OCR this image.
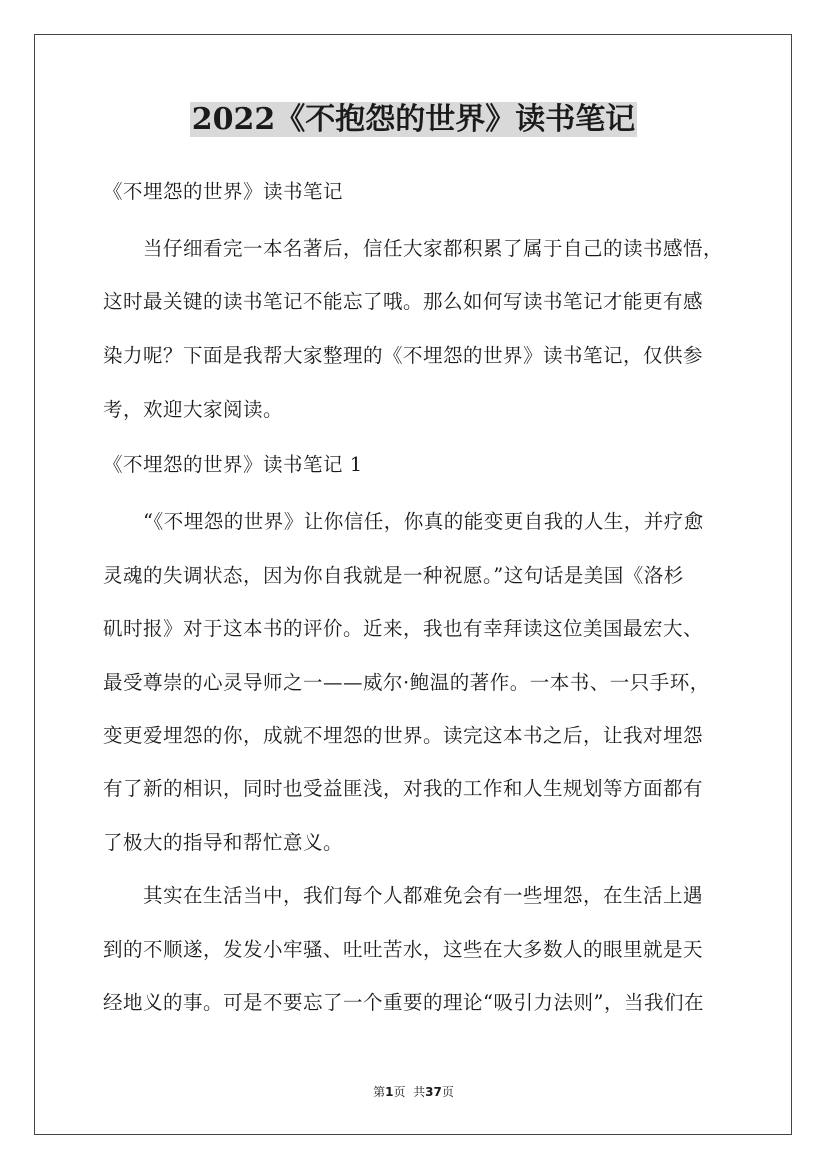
2022《不抱怨的世界》读书笔记
《不埋怨的世界》读书笔记
当仔细看完一本名著后，信任大家都积累了属于自己的读书感悟，
这时最关键的读书笔记不能忘了哦。那么如何写读书笔记才能更有感
染力呢？下面是我帮大家整理的《不埋怨的世界》读书笔记，仅供参
考，欢迎大家阅读。
《不埋怨的世界》读书笔记 1
“《不埋怨的世界》让你信任，你真的能变更自我的人生，并疗愈
灵魂的失调状态，因为你自我就是一种祝愿。”这句话是美国《洛杉
矶时报》对于这本书的评价。近来，我也有幸拜读这位美国最宏大、
最受尊崇的心灵导师之一——威尔·鲍温的著作。一本书、一只手环，
变更爱埋怨的你，成就不埋怨的世界。读完这本书之后，让我对埋怨
有了新的相识，同时也受益匪浅，对我的工作和人生规划等方面都有
了极大的指导和帮忙意义。
其实在生活当中，我们每个人都难免会有一些埋怨，在生活上遇
到的不顺遂，发发小牢骚、吐吐苦水，这些在大多数人的眼里就是天
经地义的事。可是不要忘了一个重要的理论“吸引力法则”，当我们在
第1页  共37页
